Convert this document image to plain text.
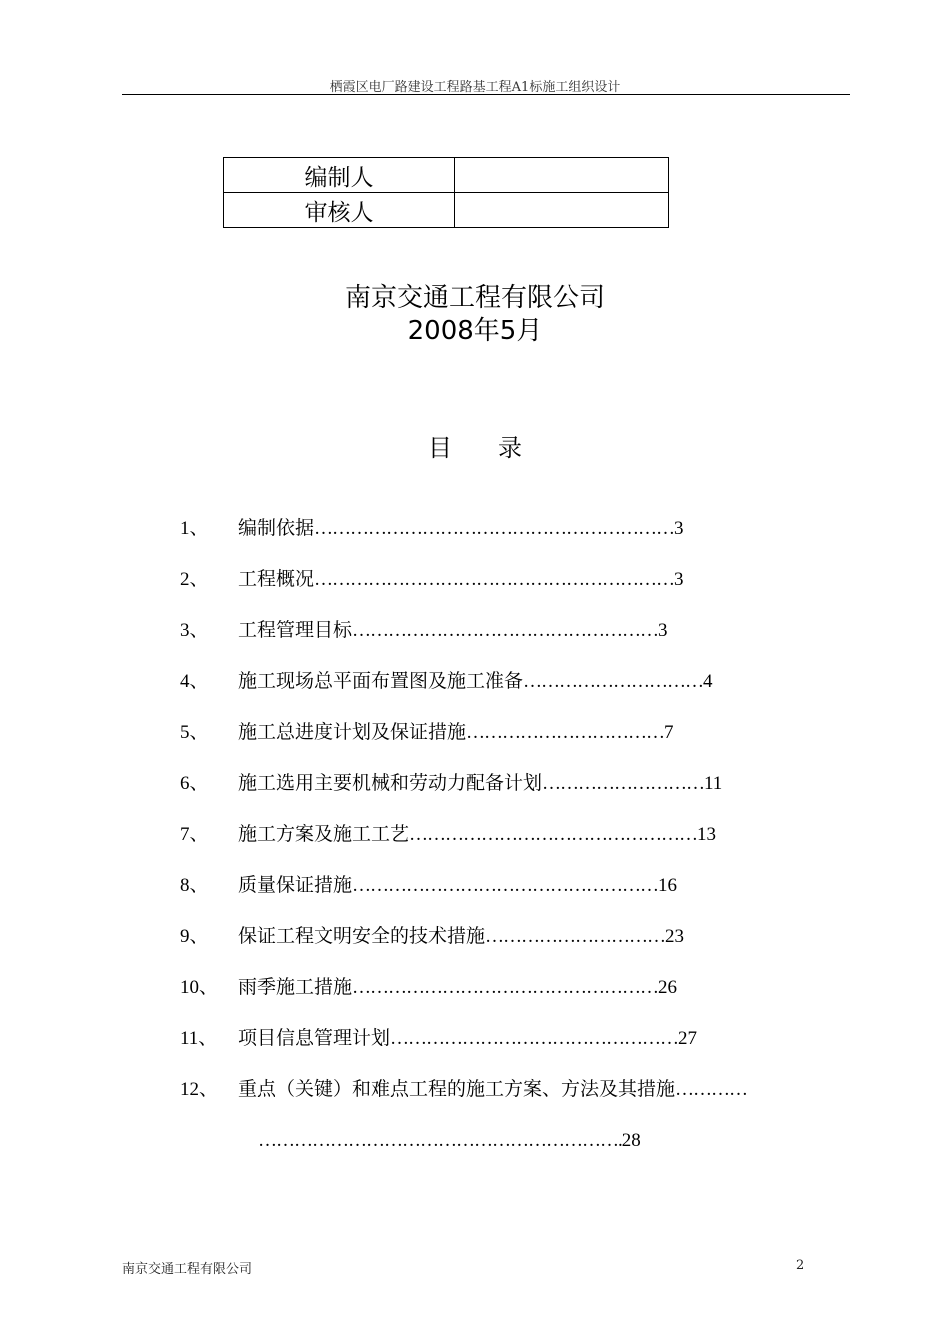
栖霞区电厂路建设工程路基工程A1标施工组织设计
编制人	
审核人	
南京交通工程有限公司
2008年5月
目录
1、 编制依据……………………………………………………3
2、 工程概况……………………………………………………3
3、 工程管理目标……………………………………………3
4、 施工现场总平面布置图及施工准备…………………………4
5、 施工总进度计划及保证措施……………………………7
6、 施工选用主要机械和劳动力配备计划………………………11
7、 施工方案及施工工艺…………………………………………13
8、 质量保证措施……………………………………………16
9、 保证工程文明安全的技术措施…………………………23
10、 雨季施工措施……………………………………………26
11、 项目信息管理计划…………………………………………27
12、 重点（关键）和难点工程的施工方案、方法及其措施…………
…………………………………………………….28
南京交通工程有限公司	2
